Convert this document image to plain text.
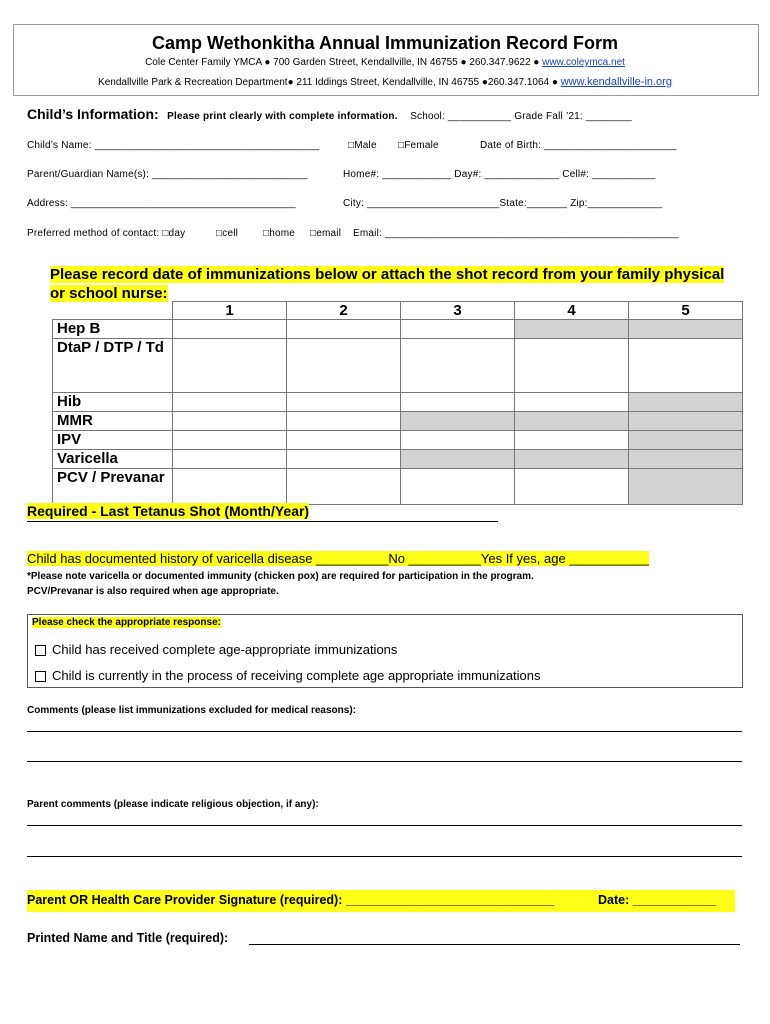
Camp Wethonkitha Annual Immunization Record Form
Cole Center Family YMCA ● 700 Garden Street, Kendallville, IN 46755 ● 260.347.9622 ● www.coleymca.net
Kendallville Park & Recreation Department● 211 Iddings Street, Kendallville, IN 46755 ●260.347.1064 ● www.kendallville-in.org
Child’s Information: Please print clearly with complete information. School: ___________ Grade Fall ’21: ________
Child’s Name: _______________________________________	□Male □Female	Date of Birth: _______________________
Parent/Guardian Name(s): ___________________________	Home#: ____________ Day#: _____________ Cell#: ___________
Address: _______________________________________	City: _______________________State:_______ Zip:_____________
Preferred method of contact: □day	□cell □home □email Email: ___________________________________________________
Please record date of immunizations below or attach the shot record from your family physical or school nurse:
	1	2	3	4	5
Hep B					
DtaP / DTP / Td					
Hib					
MMR					
IPV					
Varicella					
PCV / Prevanar					
Required - Last Tetanus Shot (Month/Year)
Child has documented history of varicella disease __________No __________Yes If yes, age ___________
*Please note varicella or documented immunity (chicken pox) are required for participation in the program.
PCV/Prevanar is also required when age appropriate.
Please check the appropriate response:
Child has received complete age-appropriate immunizations
Child is currently in the process of receiving complete age appropriate immunizations
Comments (please list immunizations excluded for medical reasons):
Parent comments (please indicate religious objection, if any):
Parent OR Health Care Provider Signature (required): ______________________________	Date: ____________
Printed Name and Title (required):
